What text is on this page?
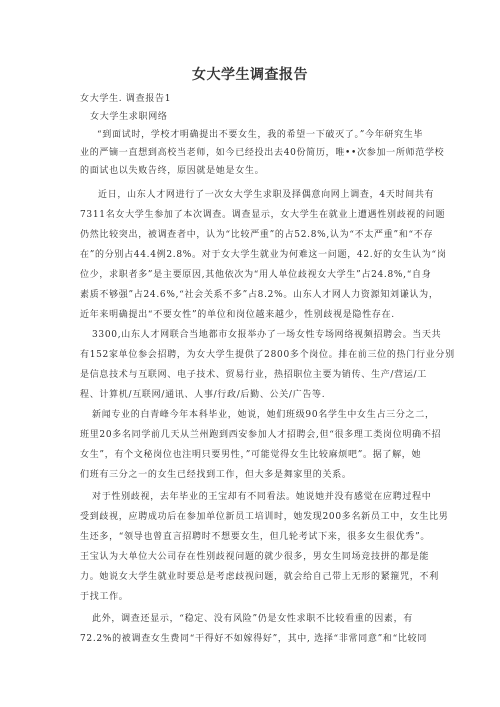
女大学生调查报告
女大学生. 调查报告1
女大学生求职网络
“到面试时，学校才明确提出不要女生，我的希望一下破灭了。”今年研究生毕
业的严镝一直想到高校当老师，如今已经投出去40份简历，唯••次参加一所师范学校
的面试也以失败告终，原因就是她是女生。
近日，山东人才网进行了一次女大学生求职及择偶意向网上调查，4天时间共有
7311名女大学生参加了本次调查。调查显示，女大学生在就业上遭遇性别歧视的问题
仍然比较突出，被调查者中，认为“比较严重”的占52.8%,认为“不太严重”和“不存
在”的分别占44.4例2.8%。对于女大学生就业为何难这一问题，42.好的女生认为“岗
位少，求职者多”是主要原因,其他依次为“用人单位歧视女大学生”占24.8%,“自身
素质不够强”占24.6%,“社会关系不多”占8.2%。山东人才网人力资源知刘谦认为，
近年来明确提出“不要女性”的单位和岗位越来越少，性别歧视是隐性存在.
3300,山东人才网联合当地都市女报举办了一场女性专场网络视频招聘会。当天共
有152家单位参会招聘，为女大学生提供了2800多个岗位。排在前三位的热门行业分别
是信息技术与互联网、电子技术、贸易行业，热招职位主要为销传、生产/营运/工
程、计算机/互联网/通讯、人事/行政/后勤、公关/广告等.
新闻专业的白青峰今年本科毕业，她说，她们班级90名学生中女生占三分之二，
班里20多名同学前几天从兰州跑到西安参加人才招聘会,但“很多理工类岗位明确不招
女生”，有个文秘岗位也注明只要男性，”可能觉得女生比较麻烦吧”。据了解，她
们班有三分之一的女生已经找到工作，但大多是舞家里的关系。
对于性别歧视，去年毕业的王宝却有不同看法。她说她并没有感觉在应聘过程中
受到歧视，应聘成功后在参加单位新员工培训时，她发现200多名新员工中，女生比男
生还多，“领导也曾直言招聘时不想要女生，但几轮考试下来，很多女生很优秀”。
王宝认为大单位大公司存在性别歧视问题的就少很多，男女生同场竞技拼的都是能
力。她说女大学生就业时要总是考虑歧视问题，就会给自己带上无形的紧箍咒，不利
于找工作。
此外，调查还显示，“稳定、没有风险”仍是女性求职不比较看重的因素，有
72.2%的被调查女生费同“干得好不如嫁得好”，其中, 选择“非常同意”和“比较同
